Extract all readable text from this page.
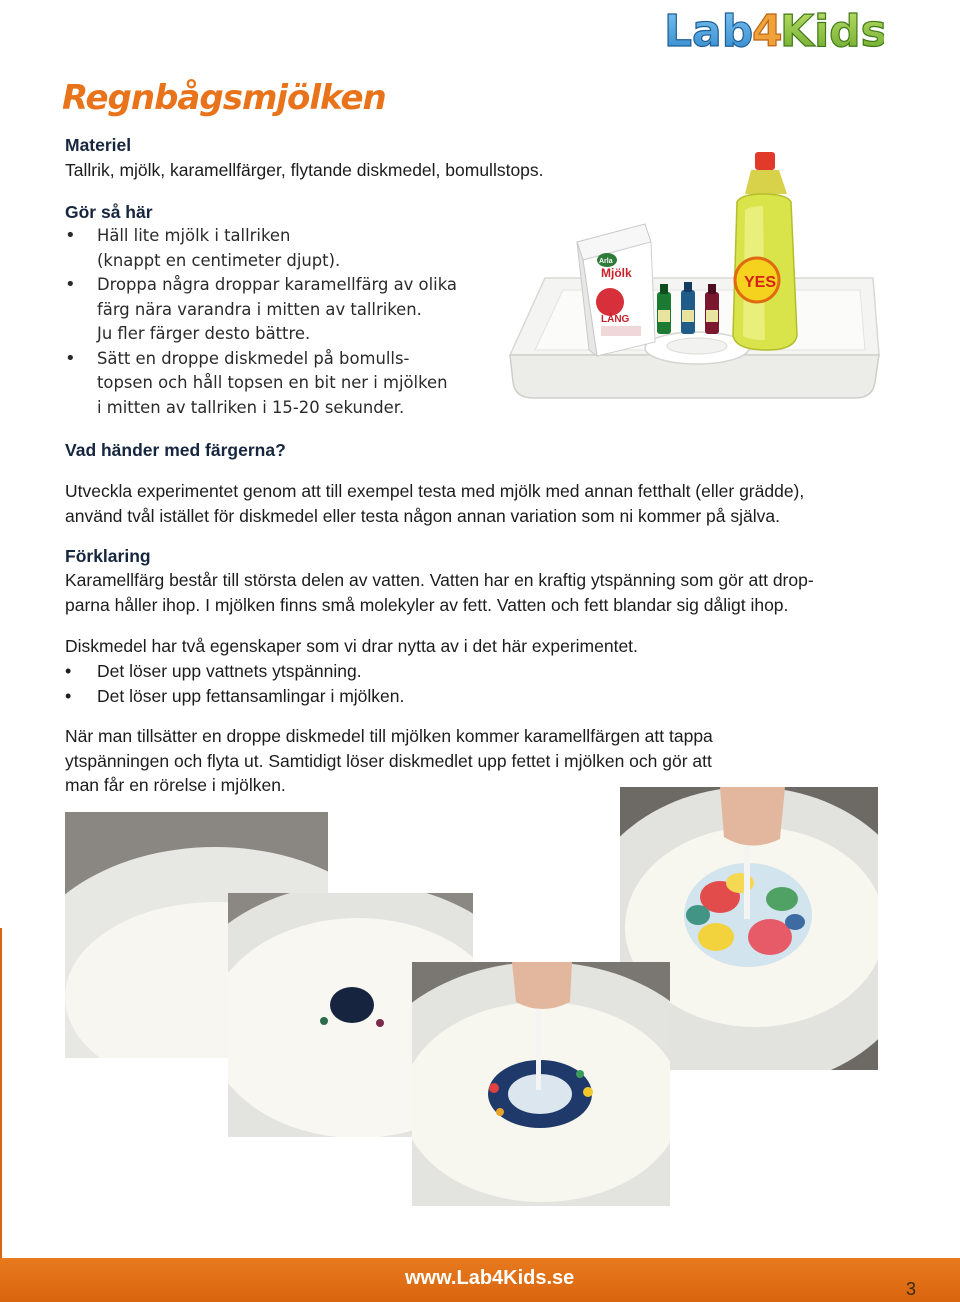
Lab
4
Kids
Regnbågsmjölken
Materiel
Tallrik, mjölk, karamellfärger, flytande diskmedel, bomullstops.
Gör så här
• Häll lite mjölk i tallriken
(knappt en centimeter djupt).
• Droppa några droppar karamellfärg av olika
färg nära varandra i mitten av tallriken.
Ju fler färger desto bättre.
• Sätt en droppe diskmedel på bomulls-
topsen och håll topsen en bit ner i mjölken
i mitten av tallriken i 15-20 sekunder.
Arla
Mjölk
LÅNG
YES
Vad händer med färgerna?
Utveckla experimentet genom att till exempel testa med mjölk med annan fetthalt (eller grädde),
använd tvål istället för diskmedel eller testa någon annan variation som ni kommer på själva.
Förklaring
Karamellfärg består till största delen av vatten. Vatten har en kraftig ytspänning som gör att drop-
parna håller ihop. I mjölken finns små molekyler av fett. Vatten och fett blandar sig dåligt ihop.
Diskmedel har två egenskaper som vi drar nytta av i det här experimentet.
• Det löser upp vattnets ytspänning.
• Det löser upp fettansamlingar i mjölken.
När man tillsätter en droppe diskmedel till mjölken kommer karamellfärgen att tappa
ytspänningen och flyta ut. Samtidigt löser diskmedlet upp fettet i mjölken och gör att
man får en rörelse i mjölken.
www.Lab4Kids.se	3
